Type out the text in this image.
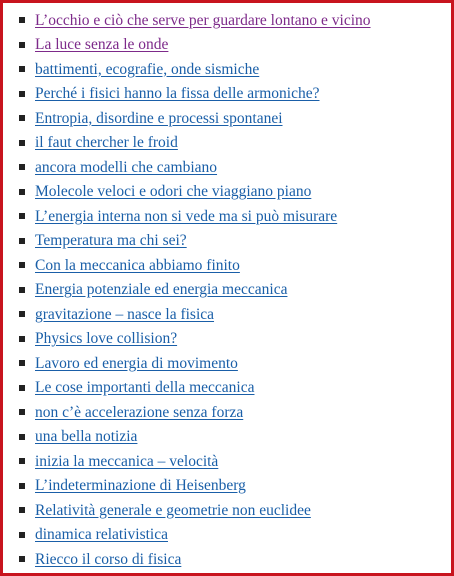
L’occhio e ciò che serve per guardare lontano e vicino
La luce senza le onde
battimenti, ecografie, onde sismiche
Perché i fisici hanno la fissa delle armoniche?
Entropia, disordine e processi spontanei
il faut chercher le froid
ancora modelli che cambiano
Molecole veloci e odori che viaggiano piano
L’energia interna non si vede ma si può misurare
Temperatura ma chi sei?
Con la meccanica abbiamo finito
Energia potenziale ed energia meccanica
gravitazione – nasce la fisica
Physics love collision?
Lavoro ed energia di movimento
Le cose importanti della meccanica
non c’è accelerazione senza forza
una bella notizia
inizia la meccanica – velocità
L’indeterminazione di Heisenberg
Relatività generale e geometrie non euclidee
dinamica relativistica
Riecco il corso di fisica
